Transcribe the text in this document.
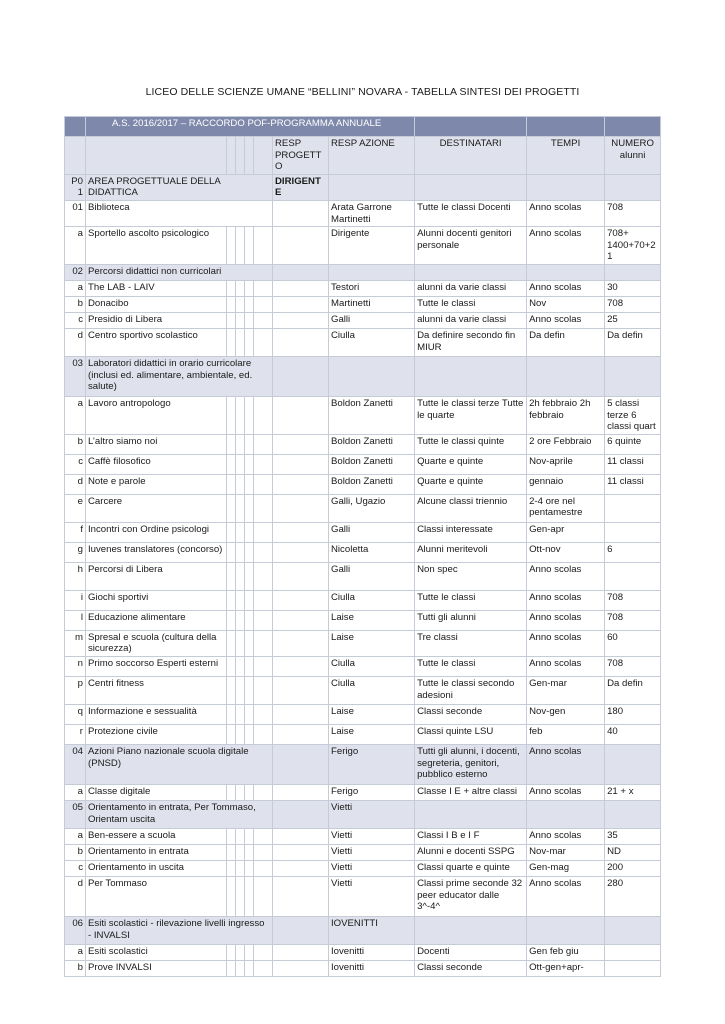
LICEO DELLE SCIENZE UMANE “BELLINI” NOVARA - TABELLA SINTESI DEI PROGETTI
	A.S. 2016/2017 – RACCORDO POF-PROGRAMMA ANNUALE									
						RESP PROGETTO	RESP AZIONE	DESTINATARI	TEMPI	NUMERO alunni
P01	AREA PROGETTUALE DELLA DIDATTICA					DIRIGENTE				
01	Biblioteca						Arata Garrone Martinetti	Tutte le classi Docenti	Anno scolas	708
a	Sportello ascolto psicologico						Dirigente	Alunni docenti genitori personale	Anno scolas	708+ 1400+70+21
02	Percorsi didattici non curricolari									
a	The LAB - LAIV						Testori	alunni da varie classi	Anno scolas	30
b	Donacibo						Martinetti	Tutte le classi	Nov	708
c	Presidio di Libera						Galli	alunni da varie classi	Anno scolas	25
d	Centro sportivo scolastico						Ciulla	Da definire secondo fin MIUR	Da defin	Da defin
03	Laboratori didattici in orario curricolare (inclusi ed. alimentare, ambientale, ed. salute)									
a	Lavoro antropologo						Boldon Zanetti	Tutte le classi terze Tutte le quarte	2h febbraio 2h febbraio	5 classi terze 6 classi quart
b	L’altro siamo noi						Boldon Zanetti	Tutte le classi quinte	2 ore Febbraio	6 quinte
c	Caffè filosofico						Boldon Zanetti	Quarte e quinte	Nov-aprile	11 classi
d	Note e parole						Boldon Zanetti	Quarte e quinte	gennaio	11 classi
e	Carcere						Galli, Ugazio	Alcune classi triennio	2-4 ore nel pentamestre	
f	Incontri con Ordine psicologi						Galli	Classi interessate	Gen-apr	
g	Iuvenes translatores (concorso)						Nicoletta	Alunni meritevoli	Ott-nov	6
h	Percorsi di Libera						Galli	Non spec	Anno scolas	
i	Giochi sportivi						Ciulla	Tutte le classi	Anno scolas	708
l	Educazione alimentare						Laise	Tutti gli alunni	Anno scolas	708
m	Spresal e scuola (cultura della sicurezza)						Laise	Tre classi	Anno scolas	60
n	Primo soccorso Esperti esterni						Ciulla	Tutte le classi	Anno scolas	708
p	Centri fitness						Ciulla	Tutte le classi secondo adesioni	Gen-mar	Da defin
q	Informazione e sessualità						Laise	Classi seconde	Nov-gen	180
r	Protezione civile						Laise	Classi quinte LSU	feb	40
04	Azioni Piano nazionale scuola digitale (PNSD)						Ferigo	Tutti gli alunni, i docenti, segreteria, genitori, pubblico esterno	Anno scolas	
a	Classe digitale						Ferigo	Classe I E + altre classi	Anno scolas	21 + x
05	Orientamento in entrata, Per Tommaso, Orientam uscita						Vietti			
a	Ben-essere a scuola						Vietti	Classi I B e I F	Anno scolas	35
b	Orientamento in entrata						Vietti	Alunni e docenti SSPG	Nov-mar	ND
c	Orientamento in uscita						Vietti	Classi quarte e quinte	Gen-mag	200
d	Per Tommaso						Vietti	Classi prime seconde 32 peer educator dalle 3^-4^	Anno scolas	280
06	Esiti scolastici - rilevazione livelli ingresso - INVALSI						IOVENITTI			
a	Esiti scolastici						Iovenitti	Docenti	Gen feb giu	
b	Prove INVALSI						Iovenitti	Classi seconde	Ott-gen+apr-	
